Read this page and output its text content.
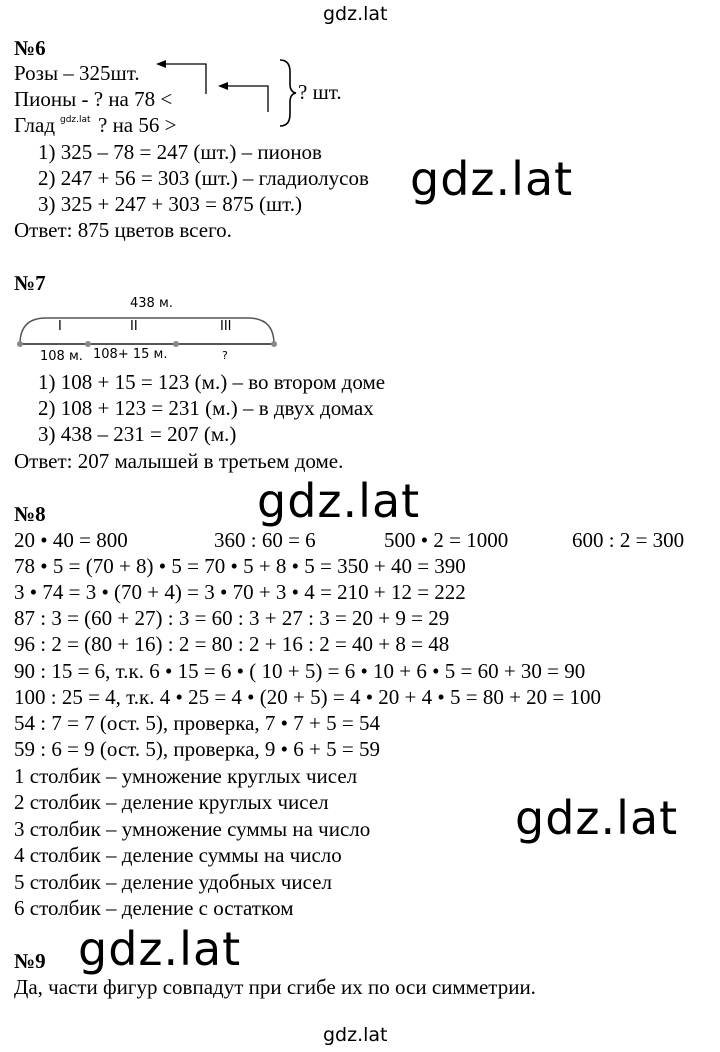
gdz.lat
gdz.lat
gdz.lat
gdz.lat
gdz.lat
gdz.lat
№6
Розы – 325шт.
Пионы - ? на 78 <
Глад gdz.lat ? на 56 >
? шт.
1) 325 – 78 = 247 (шт.) – пионов
2) 247 + 56 = 303 (шт.) – гладиолусов
3) 325 + 247 + 303 = 875 (шт.)
Ответ: 875 цветов всего.
№7
438 м.
I	II	III
108 м. 108+ 15 м.	?
1) 108 + 15 = 123 (м.) – во втором доме
2) 108 + 123 = 231 (м.) – в двух домах
3) 438 – 231 = 207 (м.)
Ответ: 207 малышей в третьем доме.
№8
20 • 40 = 800	360 : 60 = 6	500 • 2 = 1000	600 : 2 = 300
78 • 5 = (70 + 8) • 5 = 70 • 5 + 8 • 5 = 350 + 40 = 390
3 • 74 = 3 • (70 + 4) = 3 • 70 + 3 • 4 = 210 + 12 = 222
87 : 3 = (60 + 27) : 3 = 60 : 3 + 27 : 3 = 20 + 9 = 29
96 : 2 = (80 + 16) : 2 = 80 : 2 + 16 : 2 = 40 + 8 = 48
90 : 15 = 6, т.к. 6 • 15 = 6 • ( 10 + 5) = 6 • 10 + 6 • 5 = 60 + 30 = 90
100 : 25 = 4, т.к. 4 • 25 = 4 • (20 + 5) = 4 • 20 + 4 • 5 = 80 + 20 = 100
54 : 7 = 7 (ост. 5), проверка, 7 • 7 + 5 = 54
59 : 6 = 9 (ост. 5), проверка, 9 • 6 + 5 = 59
1 столбик – умножение круглых чисел
2 столбик – деление круглых чисел
3 столбик – умножение суммы на число
4 столбик – деление суммы на число
5 столбик – деление удобных чисел
6 столбик – деление с остатком
№9
Да, части фигур совпадут при сгибе их по оси симметрии.
